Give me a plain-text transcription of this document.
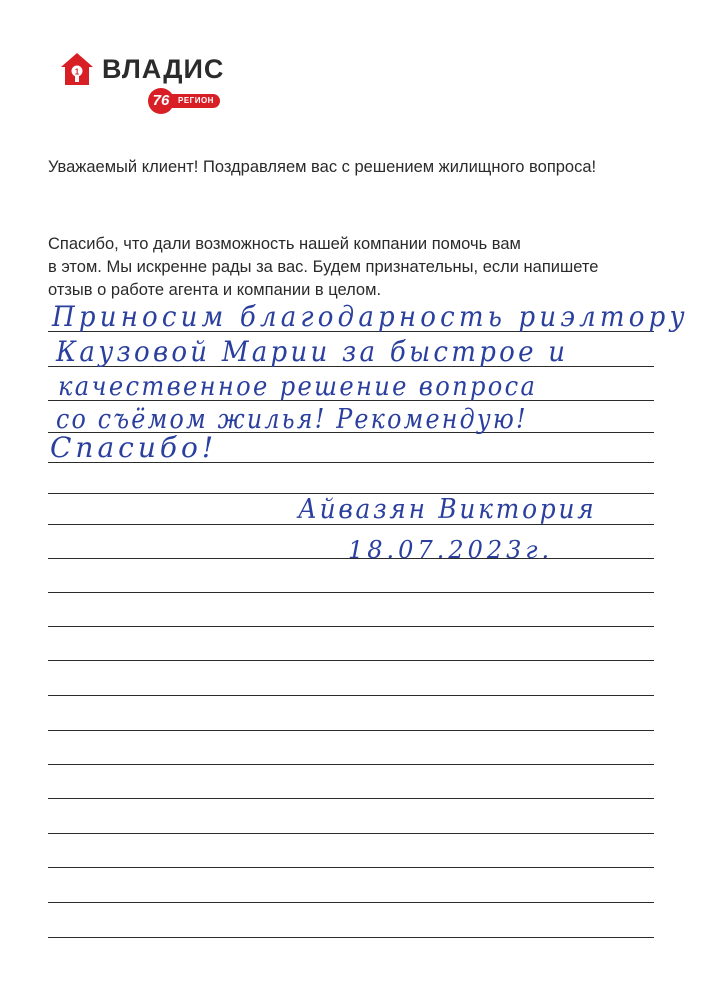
1 ВЛАДИС
РЕГИОН
76
Уважаемый клиент! Поздравляем вас с решением жилищного вопроса!
Спасибо, что дали возможность нашей компании помочь вам
в этом. Мы искренне рады за вас. Будем признательны, если напишете
отзыв о работе агента и компании в целом.
Приносим благодарность риэлтору
Каузовой Марии за быстрое и
качественное решение вопроса
со съёмом жилья! Рекомендую!
Спасибо!
Айвазян Виктория
18.07.2023г.
